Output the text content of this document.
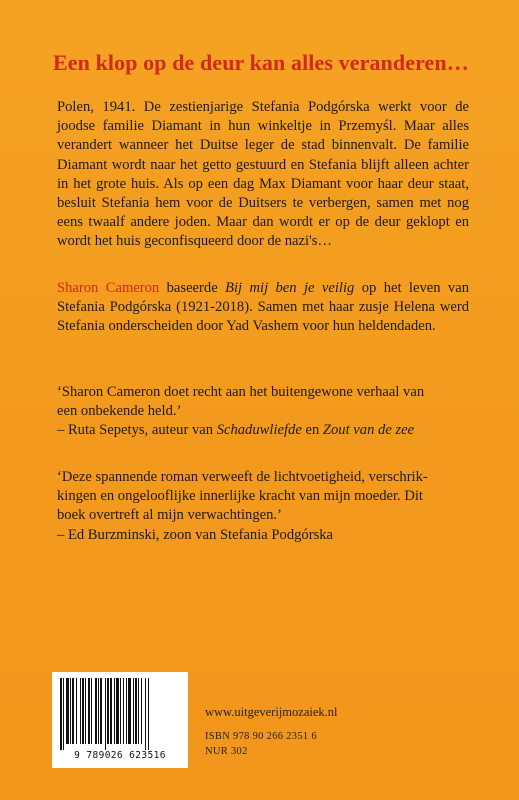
Een klop op de deur kan alles veranderen…

Polen, 1941. De zestienjarige Stefania Podgórska werkt voor de joodse familie Diamant in hun winkeltje in Przemyśl. Maar alles verandert wanneer het Duitse leger de stad binnenvalt. De familie Diamant wordt naar het getto gestuurd en Stefania blijft alleen achter in het grote huis. Als op een dag Max Diamant voor haar deur staat, besluit Stefania hem voor de Duitsers te verbergen, samen met nog eens twaalf andere joden. Maar dan wordt er op de deur geklopt en wordt het huis geconfisqueerd door de nazi's…

Sharon Cameron baseerde Bij mij ben je veilig op het leven van Stefania Podgórska (1921-2018). Samen met haar zusje Helena werd Stefania onderscheiden door Yad Vashem voor hun heldendaden.

‘Sharon Cameron doet recht aan het buitengewone verhaal van
een onbekende held.’
– Ruta Sepetys, auteur van Schaduwliefde en Zout van de zee
‘Deze spannende roman verweeft de lichtvoetigheid, verschrik-
kingen en ongelooflijke innerlijke kracht van mijn moeder. Dit
boek overtreft al mijn verwachtingen.’
– Ed Burzminski, zoon van Stefania Podgórska
9 789026 623516
www.uitgeverijmozaiek.nl
ISBN 978 90 266 2351 6
NUR 302
